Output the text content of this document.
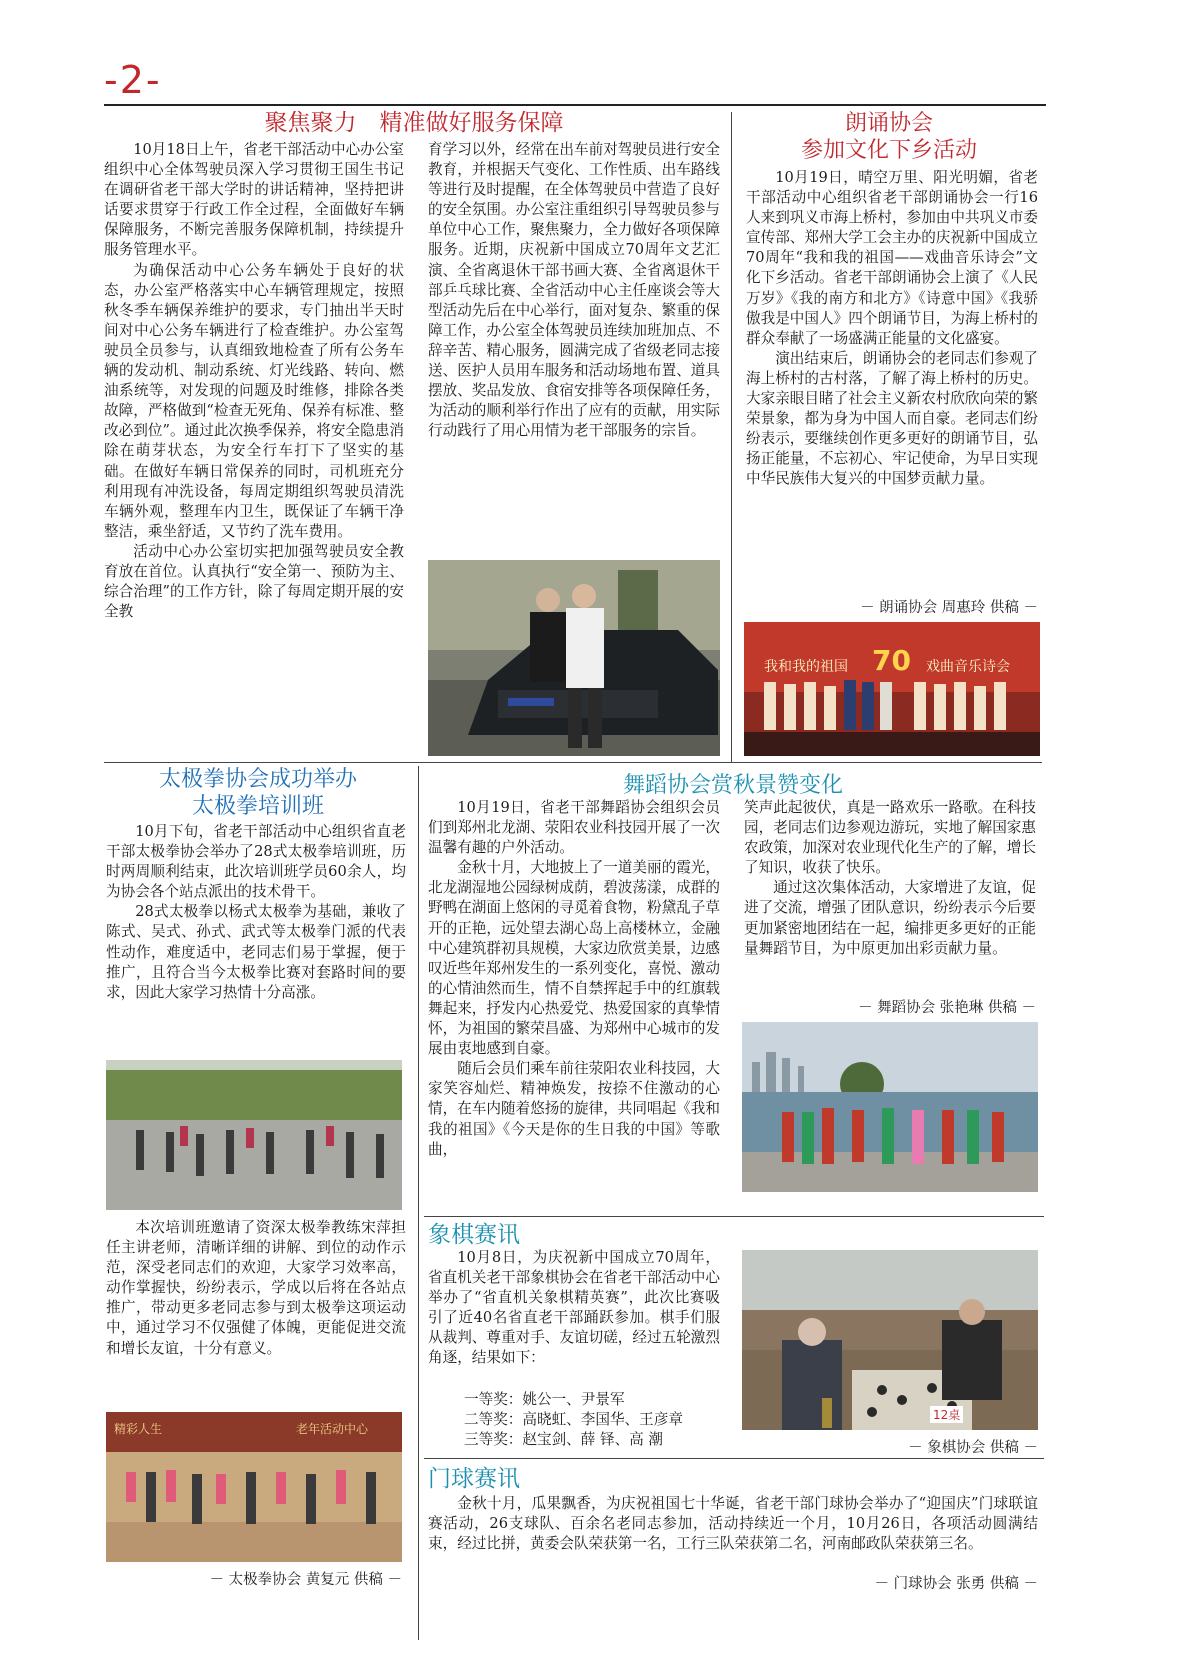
-2-
聚焦聚力　精准做好服务保障

10月18日上午，省老干部活动中心办公室组织中心全体驾驶员深入学习贯彻王国生书记在调研省老干部大学时的讲话精神，坚持把讲话要求贯穿于行政工作全过程，全面做好车辆保障服务，不断完善服务保障机制，持续提升服务管理水平。

为确保活动中心公务车辆处于良好的状态，办公室严格落实中心车辆管理规定，按照秋冬季车辆保养维护的要求，专门抽出半天时间对中心公务车辆进行了检查维护。办公室驾驶员全员参与，认真细致地检查了所有公务车辆的发动机、制动系统、灯光线路、转向、燃油系统等，对发现的问题及时维修，排除各类故障，严格做到“检查无死角、保养有标准、整改必到位”。通过此次换季保养，将安全隐患消除在萌芽状态，为安全行车打下了坚实的基础。在做好车辆日常保养的同时，司机班充分利用现有冲洗设备，每周定期组织驾驶员清洗车辆外观，整理车内卫生，既保证了车辆干净整洁，乘坐舒适，又节约了洗车费用。

活动中心办公室切实把加强驾驶员安全教育放在首位。认真执行“安全第一、预防为主、综合治理”的工作方针，除了每周定期开展的安全教

育学习以外，经常在出车前对驾驶员进行安全教育，并根据天气变化、工作性质、出车路线等进行及时提醒，在全体驾驶员中营造了良好的安全氛围。办公室注重组织引导驾驶员参与单位中心工作，聚焦聚力，全力做好各项保障服务。近期，庆祝新中国成立70周年文艺汇演、全省离退休干部书画大赛、全省离退休干部乒乓球比赛、全省活动中心主任座谈会等大型活动先后在中心举行，面对复杂、繁重的保障工作，办公室全体驾驶员连续加班加点、不辞辛苦、精心服务，圆满完成了省级老同志接送、医护人员用车服务和活动场地布置、道具摆放、奖品发放、食宿安排等各项保障任务，为活动的顺利举行作出了应有的贡献，用实际行动践行了用心用情为老干部服务的宗旨。

朗诵协会
参加文化下乡活动

10月19日，晴空万里、阳光明媚，省老干部活动中心组织省老干部朗诵协会一行16人来到巩义市海上桥村，参加由中共巩义市委宣传部、郑州大学工会主办的庆祝新中国成立70周年“我和我的祖国——戏曲音乐诗会”文化下乡活动。省老干部朗诵协会上演了《人民万岁》《我的南方和北方》《诗意中国》《我骄傲我是中国人》四个朗诵节目，为海上桥村的群众奉献了一场盛满正能量的文化盛宴。

演出结束后，朗诵协会的老同志们参观了海上桥村的古村落，了解了海上桥村的历史。大家亲眼目睹了社会主义新农村欣欣向荣的繁荣景象，都为身为中国人而自豪。老同志们纷纷表示，要继续创作更多更好的朗诵节目，弘扬正能量，不忘初心、牢记使命，为早日实现中华民族伟大复兴的中国梦贡献力量。

－ 朗诵协会 周惠玲 供稿 －
我和我的祖国 70 戏曲音乐诗会
太极拳协会成功举办
太极拳培训班

10月下旬，省老干部活动中心组织省直老干部太极拳协会举办了28式太极拳培训班，历时两周顺利结束，此次培训班学员60余人，均为协会各个站点派出的技术骨干。

28式太极拳以杨式太极拳为基础，兼收了陈式、吴式、孙式、武式等太极拳门派的代表性动作，难度适中，老同志们易于掌握，便于推广，且符合当今太极拳比赛对套路时间的要求，因此大家学习热情十分高涨。

本次培训班邀请了资深太极拳教练宋萍担任主讲老师，清晰详细的讲解、到位的动作示范，深受老同志们的欢迎，大家学习效率高，动作掌握快，纷纷表示，学成以后将在各站点推广，带动更多老同志参与到太极拳这项运动中，通过学习不仅强健了体魄，更能促进交流和增长友谊，十分有意义。

精彩人生	老年活动中心
－ 太极拳协会 黄复元 供稿 －
舞蹈协会赏秋景赞变化

10月19日，省老干部舞蹈协会组织会员们到郑州北龙湖、荥阳农业科技园开展了一次温馨有趣的户外活动。

金秋十月，大地披上了一道美丽的霞光，北龙湖湿地公园绿树成荫，碧波荡漾，成群的野鸭在湖面上悠闲的寻觅着食物，粉黛乱子草开的正艳，远处望去湖心岛上高楼林立，金融中心建筑群初具规模，大家边欣赏美景，边感叹近些年郑州发生的一系列变化，喜悦、激动的心情油然而生，情不自禁挥起手中的红旗载舞起来，抒发内心热爱党、热爱国家的真挚情怀，为祖国的繁荣昌盛、为郑州中心城市的发展由衷地感到自豪。

随后会员们乘车前往荥阳农业科技园，大家笑容灿烂、精神焕发，按捺不住激动的心情，在车内随着悠扬的旋律，共同唱起《我和我的祖国》《今天是你的生日我的中国》等歌曲，

笑声此起彼伏，真是一路欢乐一路歌。在科技园，老同志们边参观边游玩，实地了解国家惠农政策，加深对农业现代化生产的了解，增长了知识，收获了快乐。

通过这次集体活动，大家增进了友谊，促进了交流，增强了团队意识，纷纷表示今后要更加紧密地团结在一起，编排更多更好的正能量舞蹈节目，为中原更加出彩贡献力量。

－ 舞蹈协会 张艳琳 供稿 －
象棋赛讯

10月8日，为庆祝新中国成立70周年，省直机关老干部象棋协会在省老干部活动中心举办了“省直机关象棋精英赛”，此次比赛吸引了近40名省直老干部踊跃参加。棋手们服从裁判、尊重对手、友谊切磋，经过五轮激烈角逐，结果如下：

一等奖：姚公一、尹景军
二等奖：高晓虹、李国华、王彦章
三等奖：赵宝剑、薛 铎、高 潮
12桌
－ 象棋协会 供稿 －
门球赛讯

金秋十月，瓜果飘香，为庆祝祖国七十华诞，省老干部门球协会举办了“迎国庆”门球联谊赛活动，26支球队、百余名老同志参加，活动持续近一个月，10月26日，各项活动圆满结束，经过比拼，黄委会队荣获第一名，工行三队荣获第二名，河南邮政队荣获第三名。

－ 门球协会 张勇 供稿 －
